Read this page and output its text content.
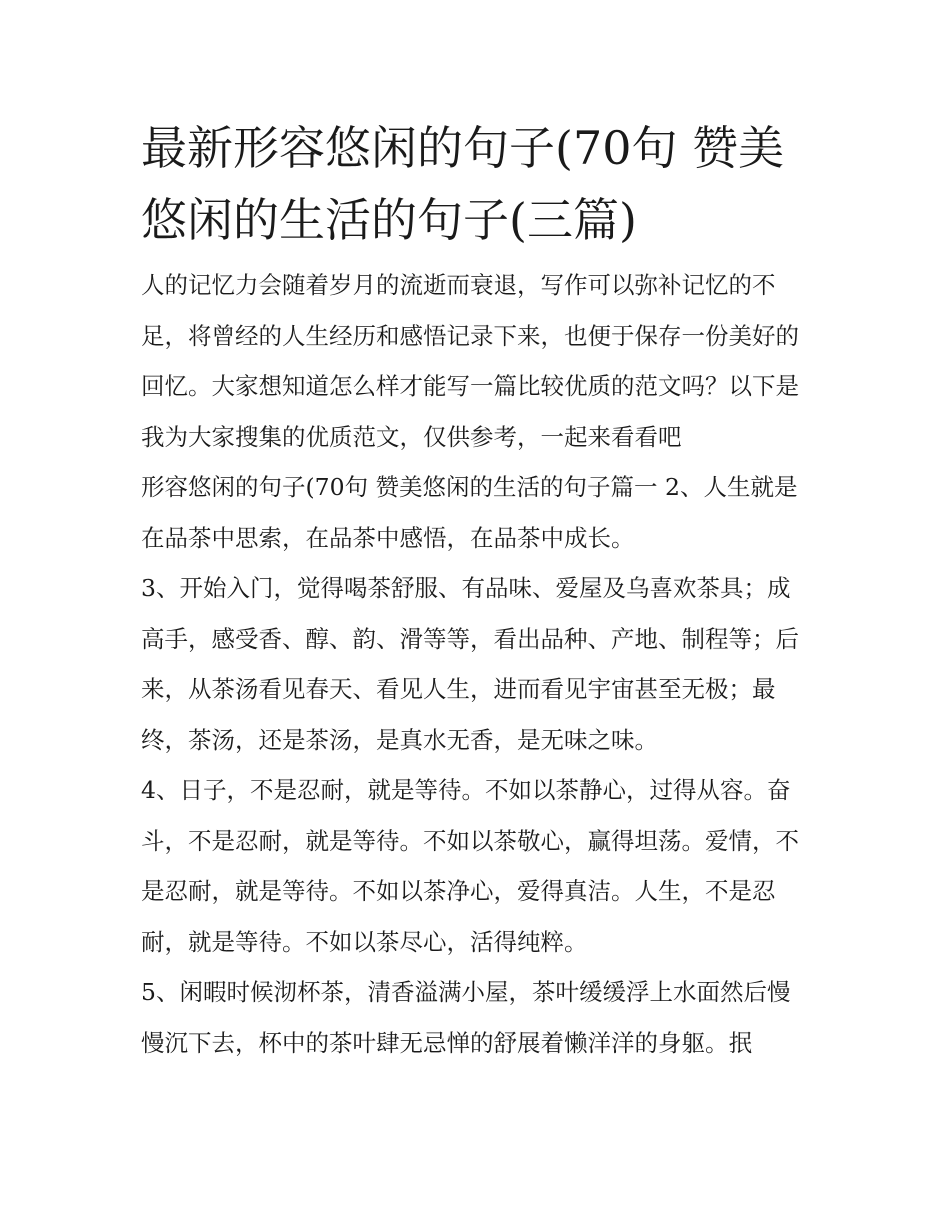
最新形容悠闲的句子(70句 赞美悠闲的生活的句子(三篇)

人的记忆力会随着岁月的流逝而衰退，写作可以弥补记忆的不足，将曾经的人生经历和感悟记录下来，也便于保存一份美好的回忆。大家想知道怎么样才能写一篇比较优质的范文吗？以下是我为大家搜集的优质范文，仅供参考，一起来看看吧

形容悠闲的句子(70句 赞美悠闲的生活的句子篇一 2、人生就是在品茶中思索，在品茶中感悟，在品茶中成长。

3、开始入门，觉得喝茶舒服、有品味、爱屋及乌喜欢茶具；成高手，感受香、醇、韵、滑等等，看出品种、产地、制程等；后来，从茶汤看见春天、看见人生，进而看见宇宙甚至无极；最终，茶汤，还是茶汤，是真水无香，是无味之味。

4、日子，不是忍耐，就是等待。不如以茶静心，过得从容。奋斗，不是忍耐，就是等待。不如以茶敬心，赢得坦荡。爱情，不是忍耐，就是等待。不如以茶净心，爱得真洁。人生，不是忍耐，就是等待。不如以茶尽心，活得纯粹。

5、闲暇时候沏杯茶，清香溢满小屋，茶叶缓缓浮上水面然后慢慢沉下去，杯中的茶叶肆无忌惮的舒展着懒洋洋的身躯。抿
